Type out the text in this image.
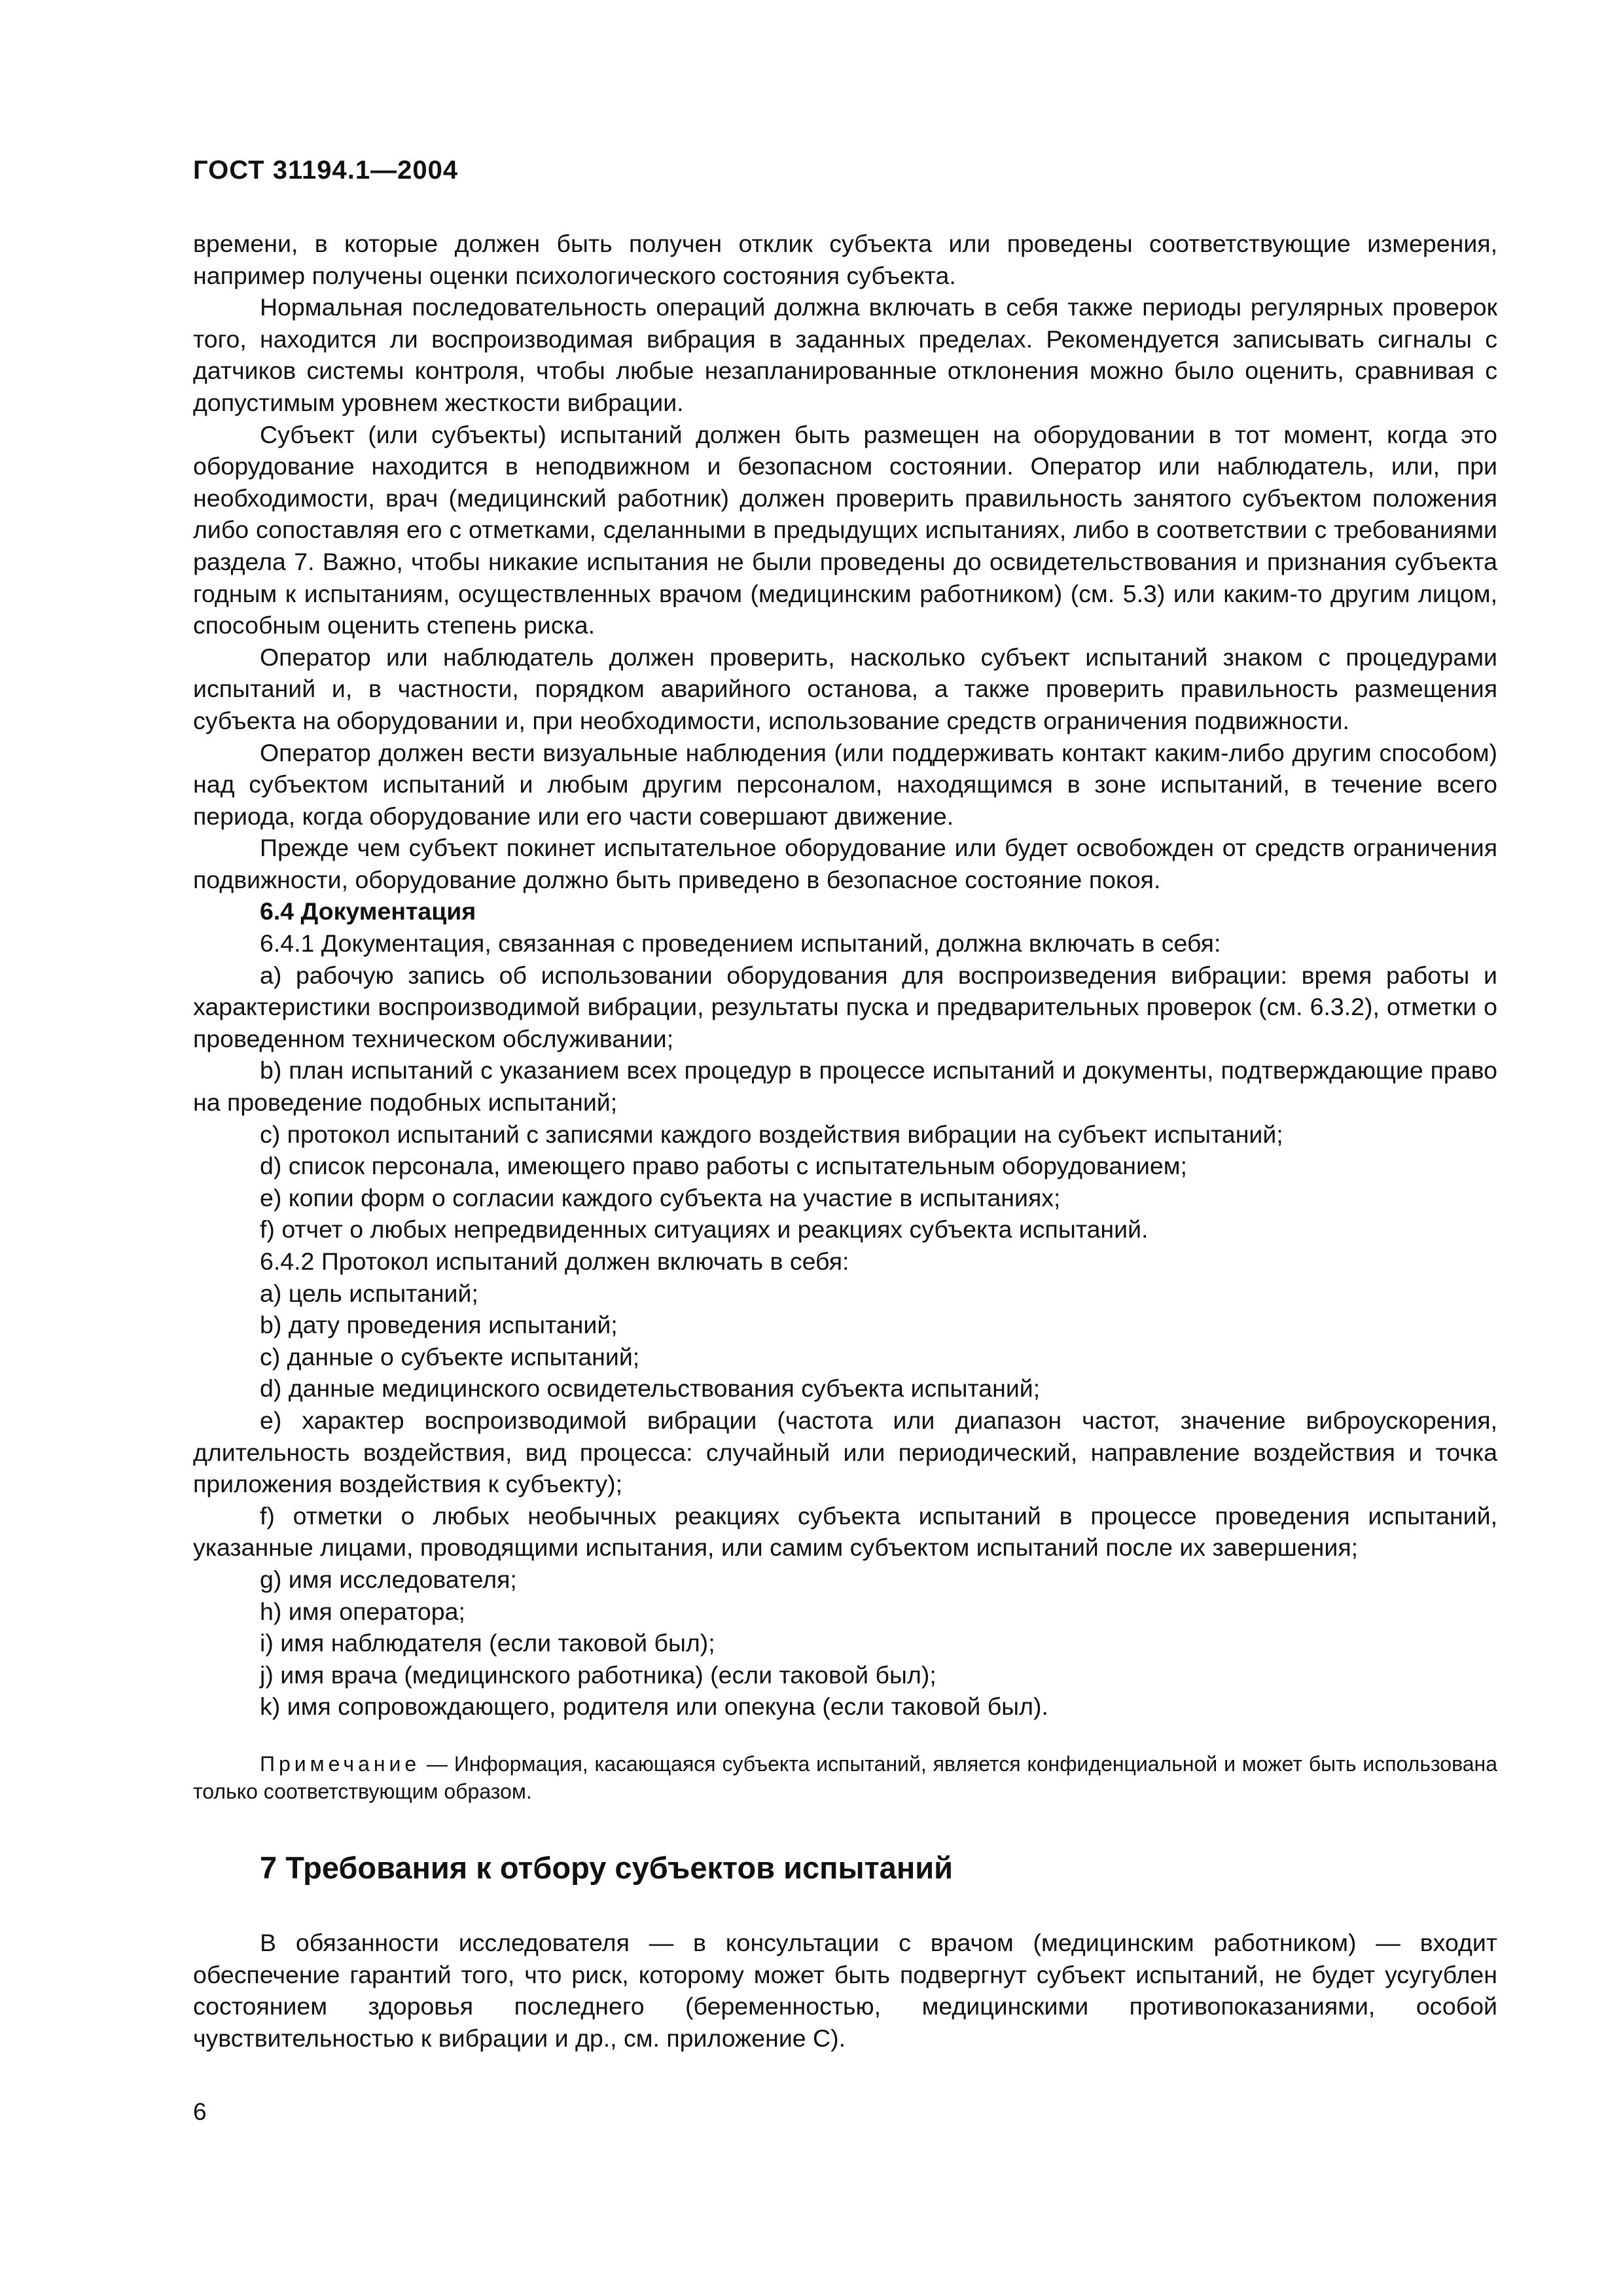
ГОСТ 31194.1—2004

времени, в которые должен быть получен отклик субъекта или проведены соответствующие измерения, например получены оценки психологического состояния субъекта.

Нормальная последовательность операций должна включать в себя также периоды регулярных проверок того, находится ли воспроизводимая вибрация в заданных пределах. Рекомендуется записывать сигналы с датчиков системы контроля, чтобы любые незапланированные отклонения можно было оценить, сравнивая с допустимым уровнем жесткости вибрации.

Субъект (или субъекты) испытаний должен быть размещен на оборудовании в тот момент, когда это оборудование находится в неподвижном и безопасном состоянии. Оператор или наблюдатель, или, при необходимости, врач (медицинский работник) должен проверить правильность занятого субъектом положения либо сопоставляя его с отметками, сделанными в предыдущих испытаниях, либо в соответствии с требованиями раздела 7. Важно, чтобы никакие испытания не были проведены до освидетельствования и признания субъекта годным к испытаниям, осуществленных врачом (медицинским работником) (см. 5.3) или каким-то другим лицом, способным оценить степень риска.

Оператор или наблюдатель должен проверить, насколько субъект испытаний знаком с процедурами испытаний и, в частности, порядком аварийного останова, а также проверить правильность размещения субъекта на оборудовании и, при необходимости, использование средств ограничения подвижности.

Оператор должен вести визуальные наблюдения (или поддерживать контакт каким-либо другим способом) над субъектом испытаний и любым другим персоналом, находящимся в зоне испытаний, в течение всего периода, когда оборудование или его части совершают движение.

Прежде чем субъект покинет испытательное оборудование или будет освобожден от средств ограничения подвижности, оборудование должно быть приведено в безопасное состояние покоя.

6.4 Документация

6.4.1 Документация, связанная с проведением испытаний, должна включать в себя:

a) рабочую запись об использовании оборудования для воспроизведения вибрации: время работы и характеристики воспроизводимой вибрации, результаты пуска и предварительных проверок (см. 6.3.2), отметки о проведенном техническом обслуживании;

b) план испытаний с указанием всех процедур в процессе испытаний и документы, подтверждающие право на проведение подобных испытаний;

c) протокол испытаний с записями каждого воздействия вибрации на субъект испытаний;

d) список персонала, имеющего право работы с испытательным оборудованием;

e) копии форм о согласии каждого субъекта на участие в испытаниях;

f) отчет о любых непредвиденных ситуациях и реакциях субъекта испытаний.

6.4.2 Протокол испытаний должен включать в себя:

a) цель испытаний;

b) дату проведения испытаний;

c) данные о субъекте испытаний;

d) данные медицинского освидетельствования субъекта испытаний;

e) характер воспроизводимой вибрации (частота или диапазон частот, значение виброускорения, длительность воздействия, вид процесса: случайный или периодический, направление воздействия и точка приложения воздействия к субъекту);

f) отметки о любых необычных реакциях субъекта испытаний в процессе проведения испытаний, указанные лицами, проводящими испытания, или самим субъектом испытаний после их завершения;

g) имя исследователя;

h) имя оператора;

i) имя наблюдателя (если таковой был);

j) имя врача (медицинского работника) (если таковой был);

k) имя сопровождающего, родителя или опекуна (если таковой был).

Примечание — Информация, касающаяся субъекта испытаний, является конфиденциальной и может быть использована только соответствующим образом.

7 Требования к отбору субъектов испытаний

В обязанности исследователя — в консультации с врачом (медицинским работником) — входит обеспечение гарантий того, что риск, которому может быть подвергнут субъект испытаний, не будет усугублен состоянием здоровья последнего (беременностью, медицинскими противопоказаниями, особой чувствительностью к вибрации и др., см. приложение С).

6
